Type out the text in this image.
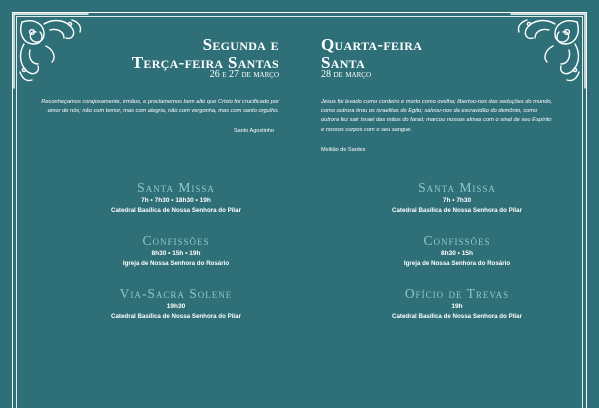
Segunda e
Terça-feira Santas
26 e 27 de março
Reconheçamos corajosamente, irmãos, e proclamemos bem alto que Cristo foi crucificado por amor de nós; não com temor, mas com alegria, não com vergonha, mas com santo orgulho.
Santo Agostinho
Santa Missa
7h • 7h30 • 18h30 • 19h
Catedral Basílica de Nossa Senhora do Pilar
Confissões
8h30 • 15h • 19h
Igreja de Nossa Senhora do Rosário
Via-Sacra Solene
19h30
Catedral Basílica de Nossa Senhora do Pilar
Quarta-feira
Santa
28 de março
Jesus foi levado como cordeiro e morto como ovelha; libertou-nos das seduções do mundo, como outrora tirou os israelitas do Egito; salvou-nos da escravidão do demônio, como outrora fez sair Israel das mãos do faraó; marcou nossas almas com o sinal de seu Espírito e nossos corpos com o seu sangue.
Melitão de Sardes
Santa Missa
7h • 7h30
Catedral Basílica de Nossa Senhora do Pilar
Confissões
8h30 • 15h
Igreja de Nossa Senhora do Rosário
Ofício de Trevas
19h
Catedral Basílica de Nossa Senhora do Pilar
